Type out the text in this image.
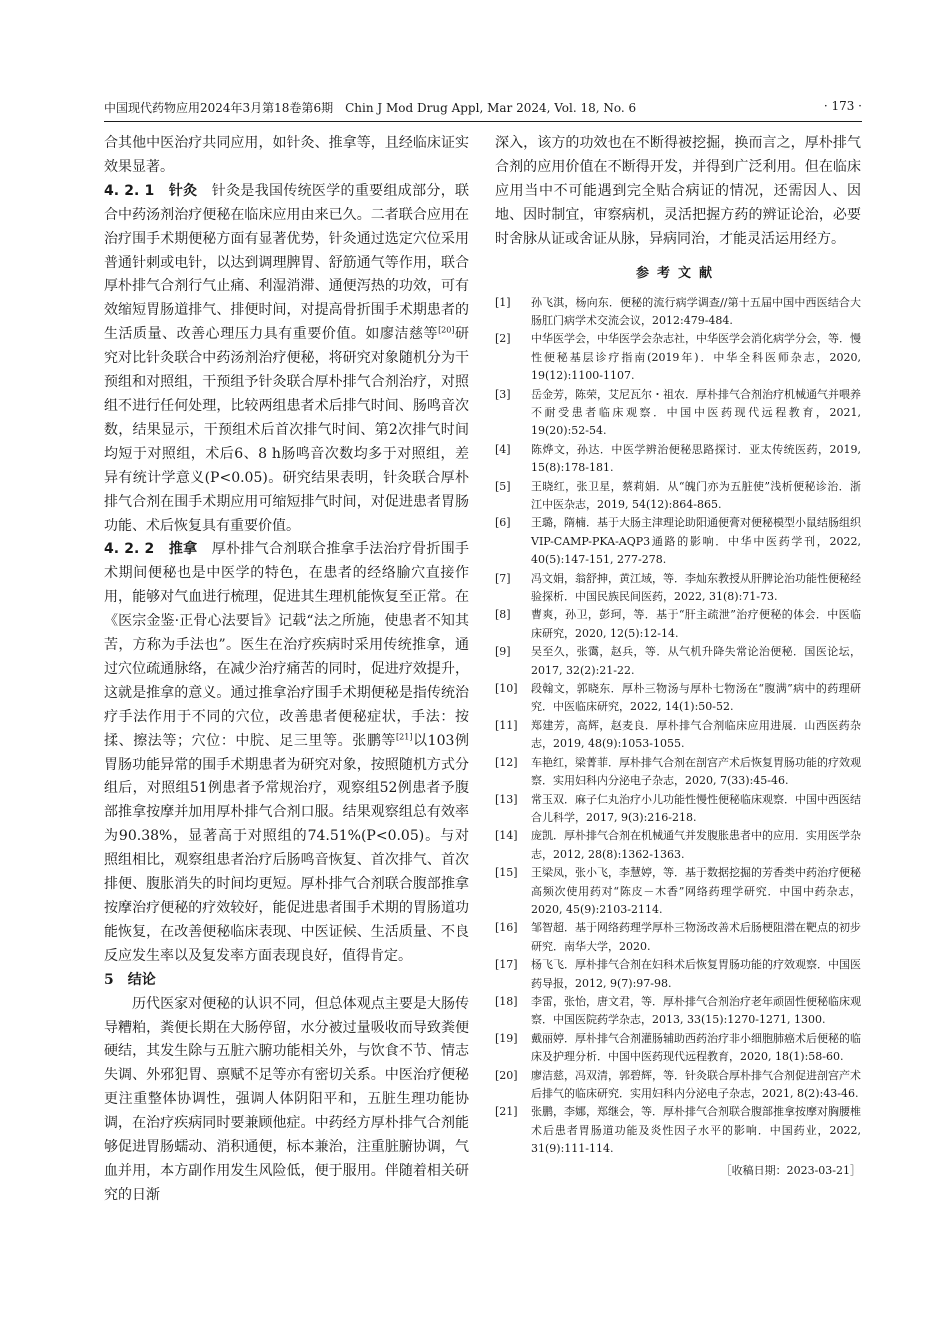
中国现代药物应用2024年3月第18卷第6期　Chin J Mod Drug Appl, Mar 2024, Vol. 18, No. 6	· 173 ·

合其他中医治疗共同应用，如针灸、推拿等，且经临床证实效果显著。

4. 2. 1　针灸　针灸是我国传统医学的重要组成部分，联合中药汤剂治疗便秘在临床应用由来已久。二者联合应用在治疗围手术期便秘方面有显著优势，针灸通过选定穴位采用普通针刺或电针，以达到调理脾胃、舒筋通气等作用，联合厚朴排气合剂行气止痛、利湿消滞、通便泻热的功效，可有效缩短胃肠道排气、排便时间，对提高骨折围手术期患者的生活质量、改善心理压力具有重要价值。如廖洁慈等[20]研究对比针灸联合中药汤剂治疗便秘，将研究对象随机分为干预组和对照组，干预组予针灸联合厚朴排气合剂治疗，对照组不进行任何处理，比较两组患者术后排气时间、肠鸣音次数，结果显示，干预组术后首次排气时间、第2次排气时间均短于对照组，术后6、8 h肠鸣音次数均多于对照组，差异有统计学意义(P<0.05)。研究结果表明，针灸联合厚朴排气合剂在围手术期应用可缩短排气时间，对促进患者胃肠功能、术后恢复具有重要价值。

4. 2. 2　推拿　厚朴排气合剂联合推拿手法治疗骨折围手术期间便秘也是中医学的特色，在患者的经络腧穴直接作用，能够对气血进行梳理，促进其生理机能恢复至正常。在《医宗金鉴·正骨心法要旨》记载“法之所施，使患者不知其苦，方称为手法也”。医生在治疗疾病时采用传统推拿，通过穴位疏通脉络，在减少治疗痛苦的同时，促进疗效提升，这就是推拿的意义。通过推拿治疗围手术期便秘是指传统治疗手法作用于不同的穴位，改善患者便秘症状，手法：按揉、擦法等；穴位：中脘、足三里等。张鹏等[21]以103例胃肠功能异常的围手术期患者为研究对象，按照随机方式分组后，对照组51例患者予常规治疗，观察组52例患者予腹部推拿按摩并加用厚朴排气合剂口服。结果观察组总有效率为90.38%，显著高于对照组的74.51%(P<0.05)。与对照组相比，观察组患者治疗后肠鸣音恢复、首次排气、首次排便、腹胀消失的时间均更短。厚朴排气合剂联合腹部推拿按摩治疗便秘的疗效较好，能促进患者围手术期的胃肠道功能恢复，在改善便秘临床表现、中医证候、生活质量、不良反应发生率以及复发率方面表现良好，值得肯定。

5　结论

历代医家对便秘的认识不同，但总体观点主要是大肠传导糟粕，粪便长期在大肠停留，水分被过量吸收而导致粪便硬结，其发生除与五脏六腑功能相关外，与饮食不节、情志失调、外邪犯胃、禀赋不足等亦有密切关系。中医治疗便秘更注重整体协调性，强调人体阴阳平和，五脏生理功能协调，在治疗疾病同时要兼顾他症。中药经方厚朴排气合剂能够促进胃肠蠕动、消积通便，标本兼治，注重脏腑协调，气血并用，本方副作用发生风险低，便于服用。伴随着相关研究的日渐

深入，该方的功效也在不断得被挖掘，换而言之，厚朴排气合剂的应用价值在不断得开发，并得到广泛利用。但在临床应用当中不可能遇到完全贴合病证的情况，还需因人、因地、因时制宜，审察病机，灵活把握方药的辨证论治，必要时舍脉从证或舍证从脉，异病同治，才能灵活运用经方。

参考文献
[1]	孙飞淇，杨向东．便秘的流行病学调查//第十五届中国中西医结合大肠肛门病学术交流会议，2012:479-484.
[2]	中华医学会，中华医学会杂志社，中华医学会消化病学分会，等．慢性便秘基层诊疗指南(2019年)．中华全科医师杂志，2020, 19(12):1100-1107.
[3]	岳金芳，陈荣，艾尼瓦尔・祖农．厚朴排气合剂治疗机械通气并喂养不耐受患者临床观察．中国中医药现代远程教育，2021, 19(20):52-54.
[4]	陈烨文，孙达．中医学辨治便秘思路探讨．亚太传统医药，2019, 15(8):178-181.
[5]	王晓红，张卫星，蔡莉娟．从“魄门亦为五脏使”浅析便秘诊治．浙江中医杂志，2019, 54(12):864-865.
[6]	王璐，隋楠．基于大肠主津理论助阳通便膏对便秘模型小鼠结肠组织VIP-CAMP-PKA-AQP3通路的影响．中华中医药学刊，2022, 40(5):147-151, 277-278.
[7]	冯文娟，翁舒抻，黄江域，等．李灿东教授从肝脾论治功能性便秘经验探析．中国民族民间医药，2022, 31(8):71-73.
[8]	曹爽，孙卫，彭珂，等．基于“肝主疏泄”治疗便秘的体会．中医临床研究，2020, 12(5):12-14.
[9]	吴至久，张霭，赵兵，等．从气机升降失常论治便秘．国医论坛，2017, 32(2):21-22.
[10]	段翰文，郭晓东．厚朴三物汤与厚朴七物汤在“腹满”病中的药理研究．中医临床研究，2022, 14(1):50-52.
[11]	郑建芳，高辉，赵麦良．厚朴排气合剂临床应用进展．山西医药杂志，2019, 48(9):1053-1055.
[12]	车艳红，梁菁菲．厚朴排气合剂在剖宫产术后恢复胃肠功能的疗效观察．实用妇科内分泌电子杂志，2020, 7(33):45-46.
[13]	常玉双．麻子仁丸治疗小儿功能性慢性便秘临床观察．中国中西医结合儿科学，2017, 9(3):216-218.
[14]	庞凯．厚朴排气合剂在机械通气并发腹胀患者中的应用．实用医学杂志，2012, 28(8):1362-1363.
[15]	王梁凤，张小飞，李慧婷，等．基于数据挖掘的芳香类中药治疗便秘高频次使用药对“陈皮－木香”网络药理学研究．中国中药杂志，2020, 45(9):2103-2114.
[16]	邹智超．基于网络药理学厚朴三物汤改善术后肠梗阻潜在靶点的初步研究．南华大学，2020.
[17]	杨飞飞．厚朴排气合剂在妇科术后恢复胃肠功能的疗效观察．中国医药导报，2012, 9(7):97-98.
[18]	李雷，张怡，唐文君，等．厚朴排气合剂治疗老年顽固性便秘临床观察．中国医院药学杂志，2013, 33(15):1270-1271, 1300.
[19]	戴丽婷．厚朴排气合剂灌肠辅助西药治疗非小细胞肺癌术后便秘的临床及护理分析．中国中医药现代远程教育，2020, 18(1):58-60.
[20]	廖洁慈，冯双清，郭碧辉，等．针灸联合厚朴排气合剂促进剖宫产术后排气的临床研究．实用妇科内分泌电子杂志，2021, 8(2):43-46.
[21]	张鹏，李娜，郑继会，等．厚朴排气合剂联合腹部推拿按摩对胸腰椎术后患者胃肠道功能及炎性因子水平的影响．中国药业，2022, 31(9):111-114.
［收稿日期：2023-03-21］
